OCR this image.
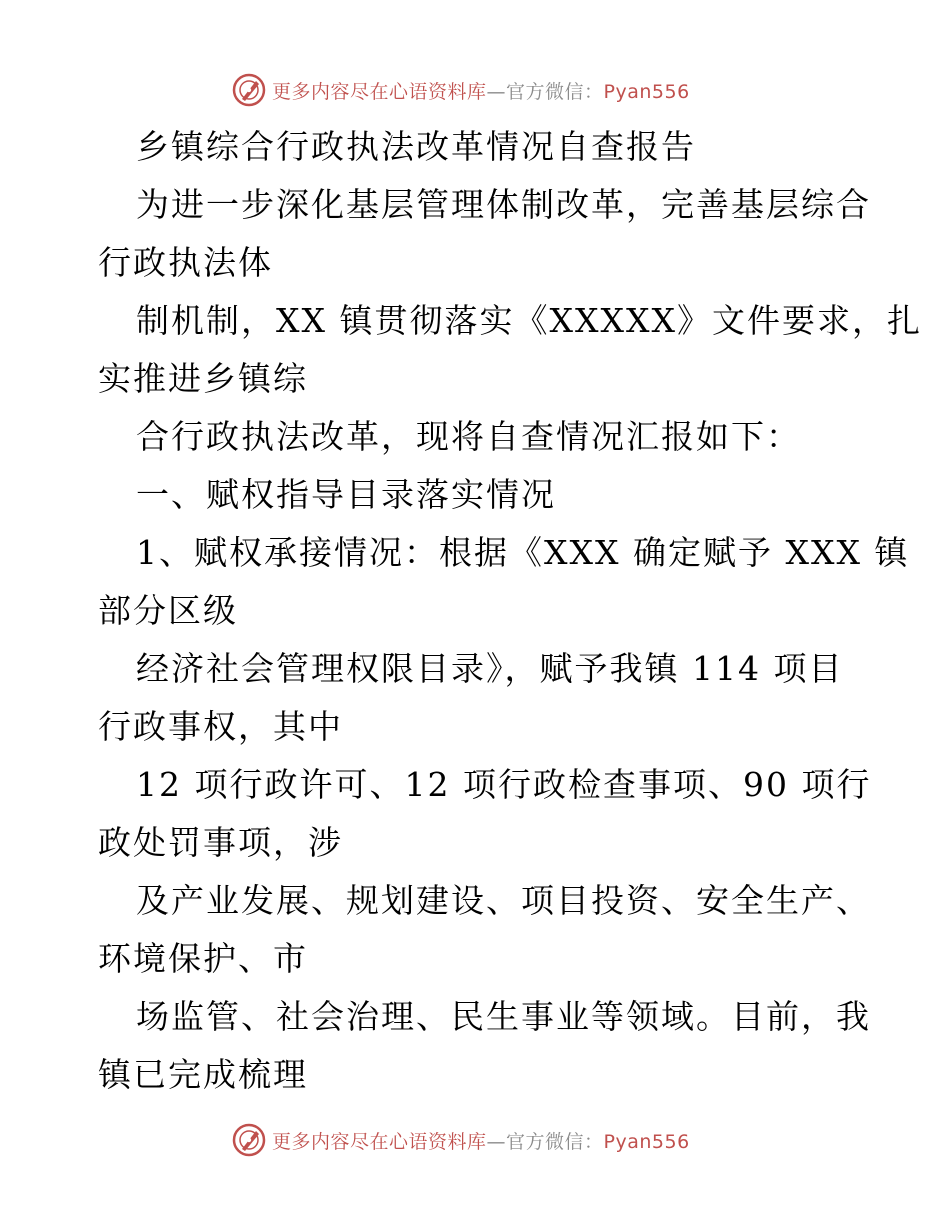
更多内容尽在心语资料库—官方微信：Pyan556
乡镇综合行政执法改革情况自查报告
为进一步深化基层管理体制改革，完善基层综合
行政执法体
制机制，XX 镇贯彻落实《XXXXX》文件要求，扎
实推进乡镇综
合行政执法改革，现将自查情况汇报如下：
一、赋权指导目录落实情况
1、赋权承接情况：根据《XXX 确定赋予 XXX 镇
部分区级
经济社会管理权限目录》，赋予我镇 114 项目
行政事权，其中
12 项行政许可、12 项行政检查事项、90 项行
政处罚事项，涉
及产业发展、规划建设、项目投资、安全生产、
环境保护、市
场监管、社会治理、民生事业等领域。目前，我
镇已完成梳理
更多内容尽在心语资料库—官方微信：Pyan556
